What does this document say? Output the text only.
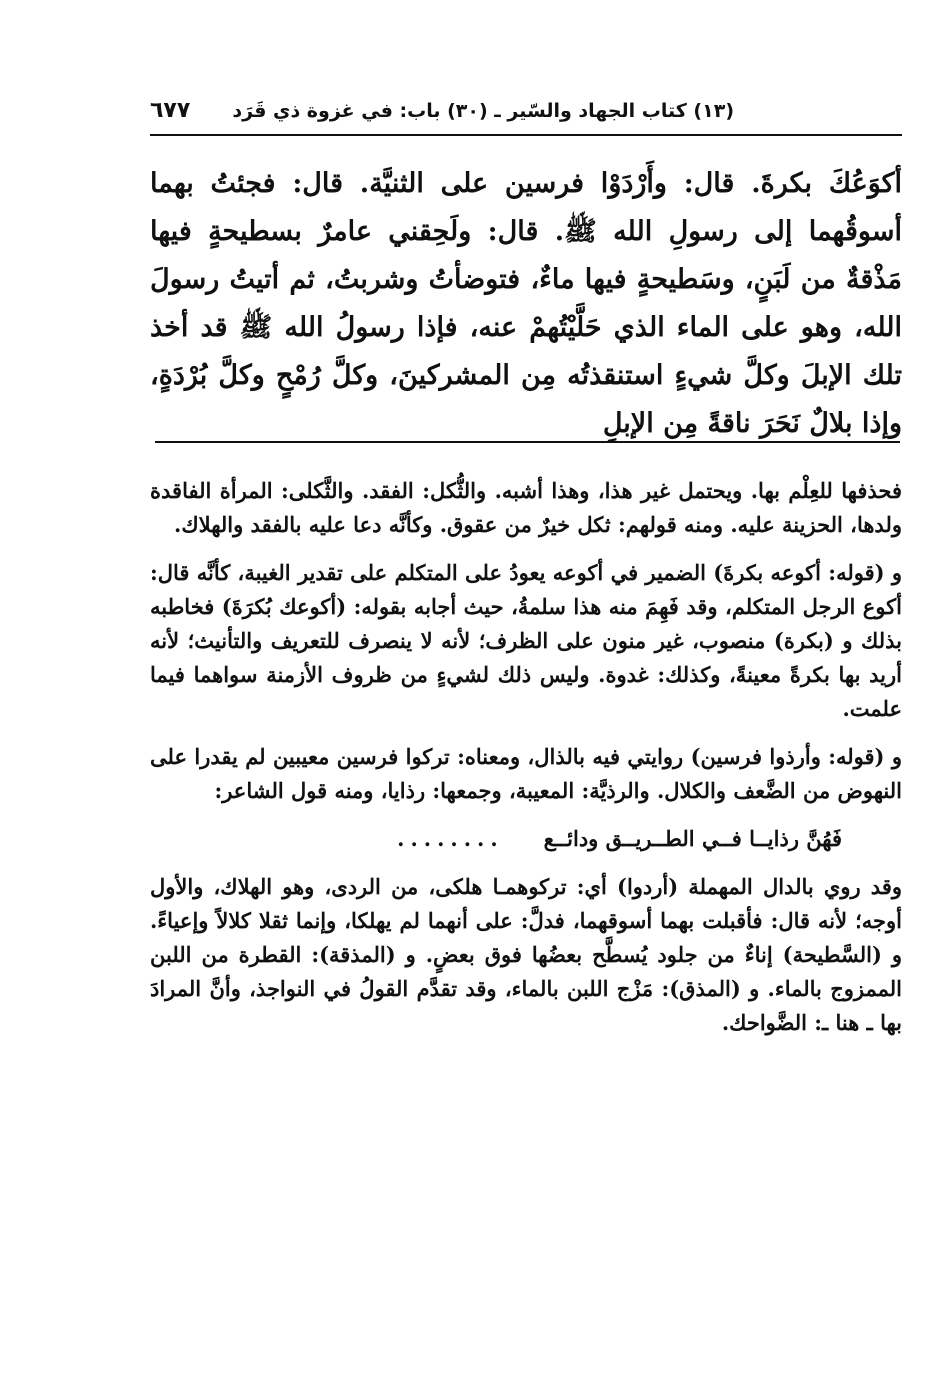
(١٣) كتاب الجهاد والسّير ـ (٣٠) باب: في غزوة ذي قَرَد
٦٧٧

أكوَعُكَ بكرةَ. قال: وأَرْدَوْا فرسين على الثنيَّة. قال: فجئتُ بهما أسوقُهما إلى رسولِ الله ﷺ. قال: ولَحِقني عامرٌ بسطيحةٍ فيها مَذْقةٌ من لَبَنٍ، وسَطيحةٍ فيها ماءٌ، فتوضأتُ وشربتُ، ثم أتيتُ رسولَ الله، وهو على الماء الذي حَلَّيْتُهمْ عنه، فإذا رسولُ الله ﷺ قد أخذ تلك الإبلَ وكلَّ شيءٍ استنقذتُه مِن المشركينَ، وكلَّ رُمْحٍ وكلَّ بُرْدَةٍ، وإذا بلالٌ نَحَرَ ناقةً مِن الإبلِ

فحذفها للعِلْم بها. ويحتمل غير هذا، وهذا أشبه. والثُّكل: الفقد. والثَّكلى: المرأة الفاقدة ولدها، الحزينة عليه. ومنه قولهم: ثكل خيرٌ من عقوق. وكأنَّه دعا عليه بالفقد والهلاك.

و (قوله: أكوعه بكرةَ) الضمير في أكوعه يعودُ على المتكلم على تقدير الغيبة، كأنَّه قال: أكوع الرجل المتكلم، وقد فَهِمَ منه هذا سلمةُ، حيث أجابه بقوله: (أكوعك بُكرَةَ) فخاطبه بذلك و (بكرة) منصوب، غير منون على الظرف؛ لأنه لا ينصرف للتعريف والتأنيث؛ لأنه أريد بها بكرةً معينةً، وكذلك: غدوة. وليس ذلك لشيءٍ من ظروف الأزمنة سواهما فيما علمت.

و (قوله: وأرذوا فرسين) روايتي فيه بالذال، ومعناه: تركوا فرسين معيبين لم يقدرا على النهوض من الضَّعف والكلال. والرذيَّة: المعيبة، وجمعها: رذايا، ومنه قول الشاعر:

فَهُنَّ رذايــا فــي الطــريــق ودائــع
........

وقد روي بالدال المهملة (أردوا) أي: تركوهمـا هلكى، من الردى، وهو الهلاك، والأول أوجه؛ لأنه قال: فأقبلت بهما أسوقهما، فدلَّ: على أنهما لم يهلكا، وإنما ثقلا كلالاً وإعياءً. و (السَّطيحة) إناءٌ من جلود يُسطَّح بعضُها فوق بعضٍ. و (المذقة): القطرة من اللبن الممزوج بالماء. و (المذق): مَزْج اللبن بالماء، وقد تقدَّم القولُ في النواجذ، وأنَّ المرادَ بها ـ هنا ـ: الضَّواحك.
